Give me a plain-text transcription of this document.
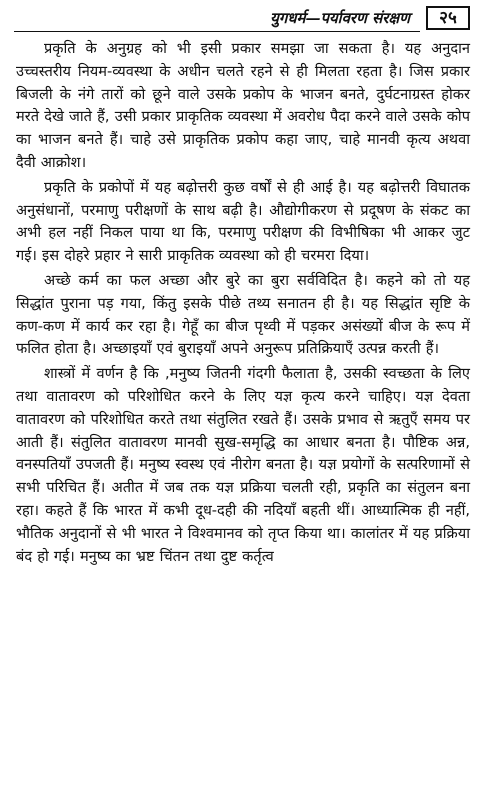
युगधर्म—पर्यावरण संरक्षण	२५

प्रकृति के अनुग्रह को भी इसी प्रकार समझा जा सकता है। यह अनुदान उच्चस्तरीय नियम-व्यवस्था के अधीन चलते रहने से ही मिलता रहता है। जिस प्रकार बिजली के नंगे तारों को छूने वाले उसके प्रकोप के भाजन बनते, दुर्घटनाग्रस्त होकर मरते देखे जाते हैं, उसी प्रकार प्राकृतिक व्यवस्था में अवरोध पैदा करने वाले उसके कोप का भाजन बनते हैं। चाहे उसे प्राकृतिक प्रकोप कहा जाए, चाहे मानवी कृत्य अथवा दैवी आक्रोश।

प्रकृति के प्रकोपों में यह बढ़ोत्तरी कुछ वर्षों से ही आई है। यह बढ़ोत्तरी विघातक अनुसंधानों, परमाणु परीक्षणों के साथ बढ़ी है। औद्योगीकरण से प्रदूषण के संकट का अभी हल नहीं निकल पाया था कि, परमाणु परीक्षण की विभीषिका भी आकर जुट गई। इस दोहरे प्रहार ने सारी प्राकृतिक व्यवस्था को ही चरमरा दिया।

अच्छे कर्म का फल अच्छा और बुरे का बुरा सर्वविदित है। कहने को तो यह सिद्धांत पुराना पड़ गया, किंतु इसके पीछे तथ्य सनातन ही है। यह सिद्धांत सृष्टि के कण-कण में कार्य कर रहा है। गेहूँ का बीज पृथ्वी में पड़कर असंख्यों बीज के रूप में फलित होता है। अच्छाइयाँ एवं बुराइयाँ अपने अनुरूप प्रतिक्रियाएँ उत्पन्न करती हैं।

शास्त्रों में वर्णन है कि ,मनुष्य जितनी गंदगी फैलाता है, उसकी स्वच्छता के लिए तथा वातावरण को परिशोधित करने के लिए यज्ञ कृत्य करने चाहिए। यज्ञ देवता वातावरण को परिशोधित करते तथा संतुलित रखते हैं। उसके प्रभाव से ऋतुएँ समय पर आती हैं। संतुलित वातावरण मानवी सुख-समृद्धि का आधार बनता है। पौष्टिक अन्न, वनस्पतियाँ उपजती हैं। मनुष्य स्वस्थ एवं नीरोग बनता है। यज्ञ प्रयोगों के सत्परिणामों से सभी परिचित हैं। अतीत में जब तक यज्ञ प्रक्रिया चलती रही, प्रकृति का संतुलन बना रहा। कहते हैं कि भारत में कभी दूध-दही की नदियाँ बहती थीं। आध्यात्मिक ही नहीं, भौतिक अनुदानों से भी भारत ने विश्वमानव को तृप्त किया था। कालांतर में यह प्रक्रिया बंद हो गई। मनुष्य का भ्रष्ट चिंतन तथा दुष्ट कर्तृत्व
